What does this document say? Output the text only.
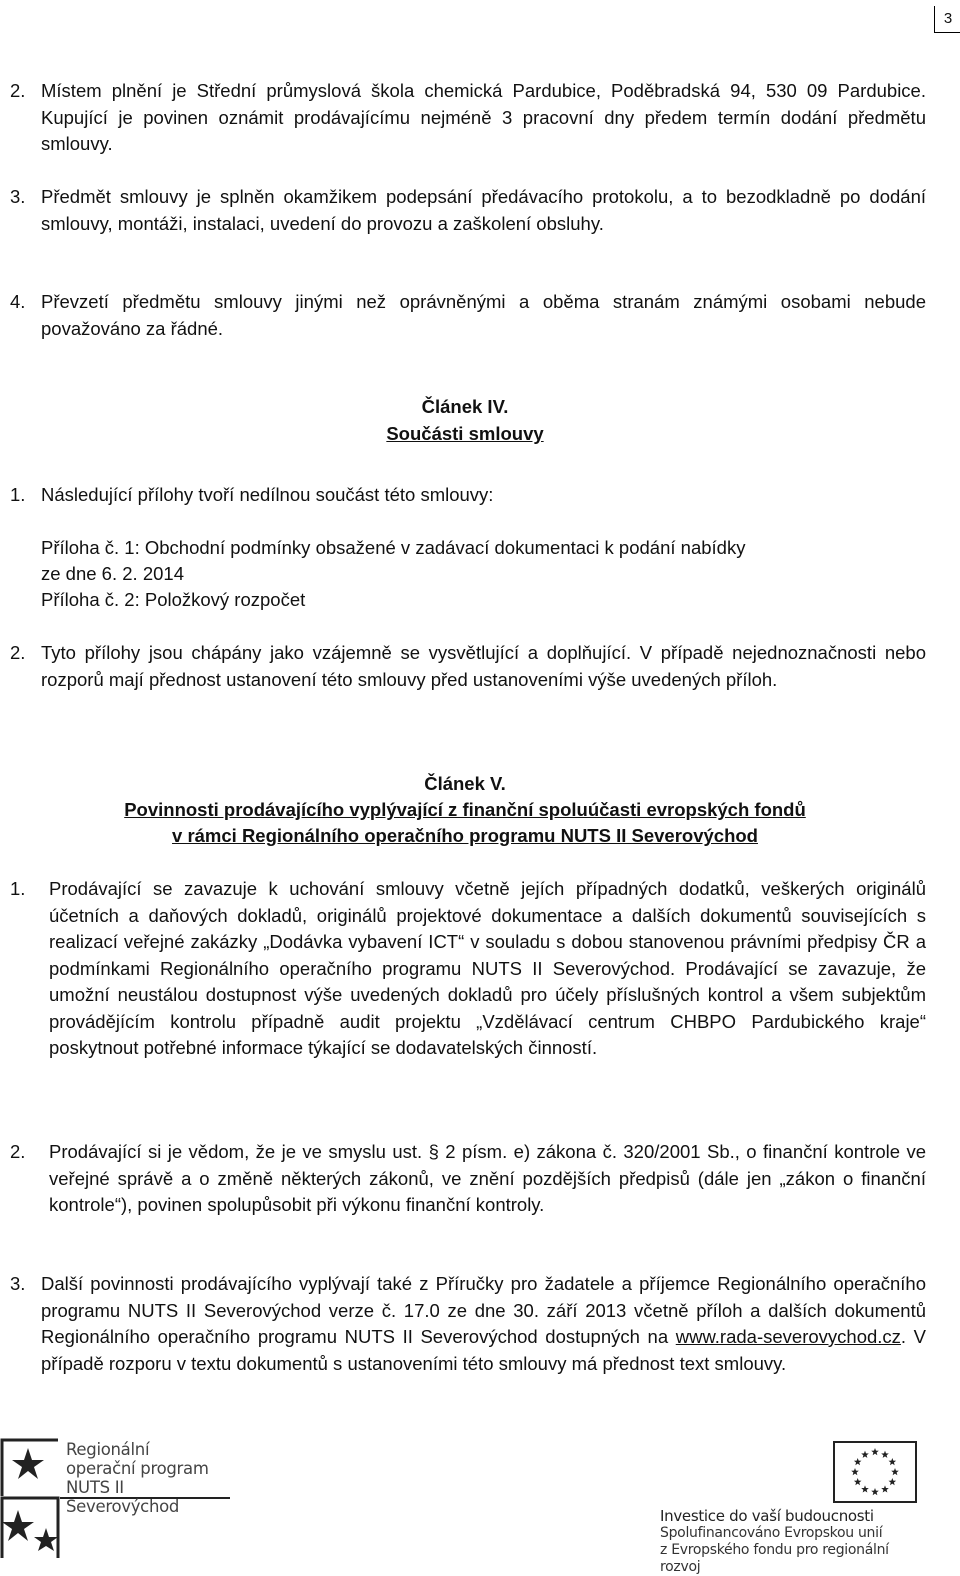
3

2. Místem plnění je Střední průmyslová škola chemická Pardubice, Poděbradská 94, 530 09 Pardubice. Kupující je povinen oznámit prodávajícímu nejméně 3 pracovní dny předem termín dodání předmětu smlouvy.

3. Předmět smlouvy je splněn okamžikem podepsání předávacího protokolu, a to bezodkladně po dodání smlouvy, montáži, instalaci, uvedení do provozu a zaškolení obsluhy.

4. Převzetí předmětu smlouvy jinými než oprávněnými a oběma stranám známými osobami nebude považováno za řádné.

Článek IV.
Součásti smlouvy

1. Následující přílohy tvoří nedílnou součást této smlouvy:

Příloha č. 1: Obchodní podmínky obsažené v zadávací dokumentaci k podání nabídky
ze dne 6. 2. 2014
Příloha č. 2: Položkový rozpočet

2. Tyto přílohy jsou chápány jako vzájemně se vysvětlující a doplňující. V případě nejednoznačnosti nebo rozporů mají přednost ustanovení této smlouvy před ustanoveními výše uvedených příloh.

Článek V.
Povinnosti prodávajícího vyplývající z finanční spoluúčasti evropských fondů
v rámci Regionálního operačního programu NUTS II Severovýchod

1. Prodávající se zavazuje k uchování smlouvy včetně jejích případných dodatků, veškerých originálů účetních a daňových dokladů, originálů projektové dokumentace a dalších dokumentů souvisejících s realizací veřejné zakázky „Dodávka vybavení ICT“ v souladu s dobou stanovenou právními předpisy ČR a podmínkami Regionálního operačního programu NUTS II Severovýchod. Prodávající se zavazuje, že umožní neustálou dostupnost výše uvedených dokladů pro účely příslušných kontrol a všem subjektům provádějícím kontrolu případně audit projektu „Vzdělávací centrum CHBPO Pardubického kraje“ poskytnout potřebné informace týkající se dodavatelských činností.

2. Prodávající si je vědom, že je ve smyslu ust. § 2 písm. e) zákona č. 320/2001 Sb., o finanční kontrole ve veřejné správě a o změně některých zákonů, ve znění pozdějších předpisů (dále jen „zákon o finanční kontrole“), povinen spolupůsobit při výkonu finanční kontroly.

3. Další povinnosti prodávajícího vyplývají také z Příručky pro žadatele a příjemce Regionálního operačního programu NUTS II Severovýchod verze č. 17.0 ze dne 30. září 2013 včetně příloh a dalších dokumentů Regionálního operačního programu NUTS II Severovýchod dostupných na www.rada-severovychod.cz. V případě rozporu v textu dokumentů s ustanoveními této smlouvy má přednost text smlouvy.

Regionální
operační program
NUTS II Severovýchod	Investice do vaší budoucnosti
Spolufinancováno Evropskou unií
z Evropského fondu pro regionální rozvoj
